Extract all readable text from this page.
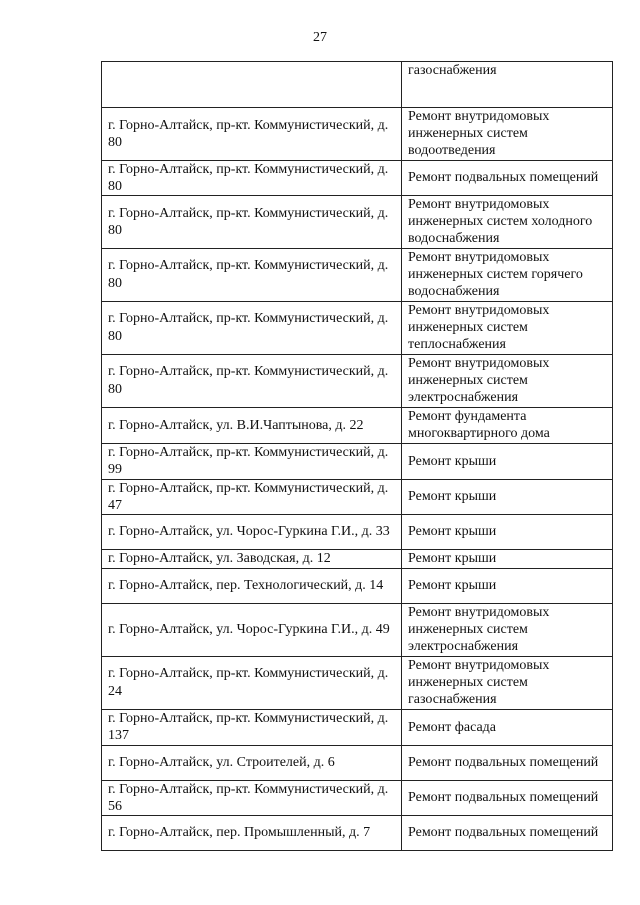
27
	газоснабжения
г. Горно-Алтайск, пр-кт. Коммунистический, д. 80	Ремонт внутридомовых инженерных систем водоотведения
г. Горно-Алтайск, пр-кт. Коммунистический, д. 80	Ремонт подвальных помещений
г. Горно-Алтайск, пр-кт. Коммунистический, д. 80	Ремонт внутридомовых инженерных систем холодного водоснабжения
г. Горно-Алтайск, пр-кт. Коммунистический, д. 80	Ремонт внутридомовых инженерных систем горячего водоснабжения
г. Горно-Алтайск, пр-кт. Коммунистический, д. 80	Ремонт внутридомовых инженерных систем теплоснабжения
г. Горно-Алтайск, пр-кт. Коммунистический, д. 80	Ремонт внутридомовых инженерных систем электроснабжения
г. Горно-Алтайск, ул. В.И.Чаптынова, д. 22	Ремонт фундамента многоквартирного дома
г. Горно-Алтайск, пр-кт. Коммунистический, д. 99	Ремонт крыши
г. Горно-Алтайск, пр-кт. Коммунистический, д. 47	Ремонт крыши
г. Горно-Алтайск, ул. Чорос-Гуркина Г.И., д. 33	Ремонт крыши
г. Горно-Алтайск, ул. Заводская, д. 12	Ремонт крыши
г. Горно-Алтайск, пер. Технологический, д. 14	Ремонт крыши
г. Горно-Алтайск, ул. Чорос-Гуркина Г.И., д. 49	Ремонт внутридомовых инженерных систем электроснабжения
г. Горно-Алтайск, пр-кт. Коммунистический, д. 24	Ремонт внутридомовых инженерных систем газоснабжения
г. Горно-Алтайск, пр-кт. Коммунистический, д. 137	Ремонт фасада
г. Горно-Алтайск, ул. Строителей, д. 6	Ремонт подвальных помещений
г. Горно-Алтайск, пр-кт. Коммунистический, д. 56	Ремонт подвальных помещений
г. Горно-Алтайск, пер. Промышленный, д. 7	Ремонт подвальных помещений
